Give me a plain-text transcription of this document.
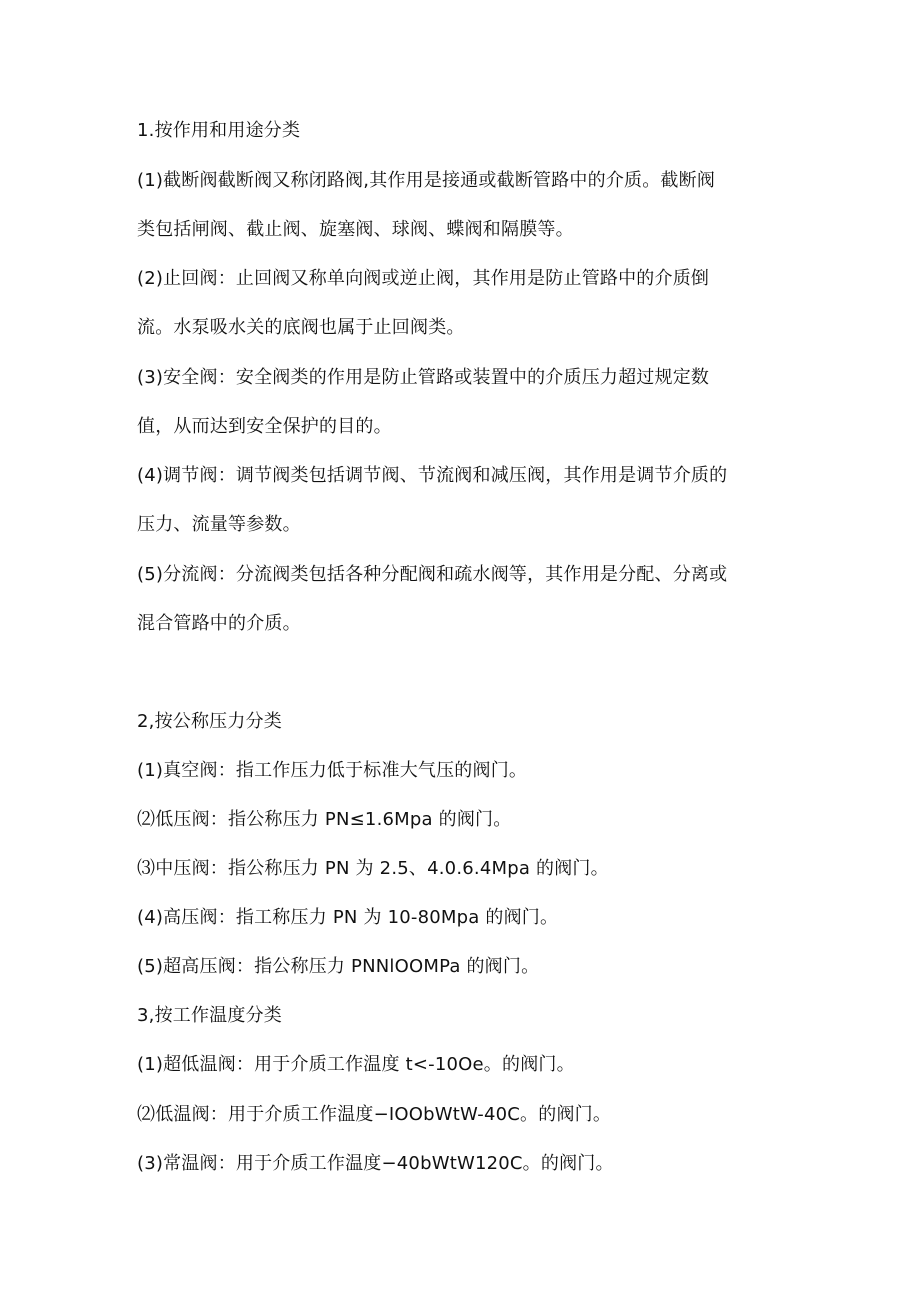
1.按作用和用途分类
(1)截断阀截断阀又称闭路阀,其作用是接通或截断管路中的介质。截断阀
类包括闸阀、截止阀、旋塞阀、球阀、蝶阀和隔膜等。
(2)止回阀：止回阀又称单向阀或逆止阀，其作用是防止管路中的介质倒
流。水泵吸水关的底阀也属于止回阀类。
(3)安全阀：安全阀类的作用是防止管路或装置中的介质压力超过规定数
值，从而达到安全保护的目的。
(4)调节阀：调节阀类包括调节阀、节流阀和减压阀，其作用是调节介质的
压力、流量等参数。
(5)分流阀：分流阀类包括各种分配阀和疏水阀等，其作用是分配、分离或
混合管路中的介质。
2,按公称压力分类
(1)真空阀：指工作压力低于标准大气压的阀门。
⑵低压阀：指公称压力 PN≤1.6Mpa 的阀门。
⑶中压阀：指公称压力 PN 为 2.5、4.0.6.4Mpa 的阀门。
(4)高压阀：指工称压力 PN 为 10-80Mpa 的阀门。
(5)超高压阀：指公称压力 PNNlOOMPa 的阀门。
3,按工作温度分类
(1)超低温阀：用于介质工作温度 t<-10Oe。的阀门。
⑵低温阀：用于介质工作温度−IOObWtW-40C。的阀门。
(3)常温阀：用于介质工作温度−40bWtW120C。的阀门。
